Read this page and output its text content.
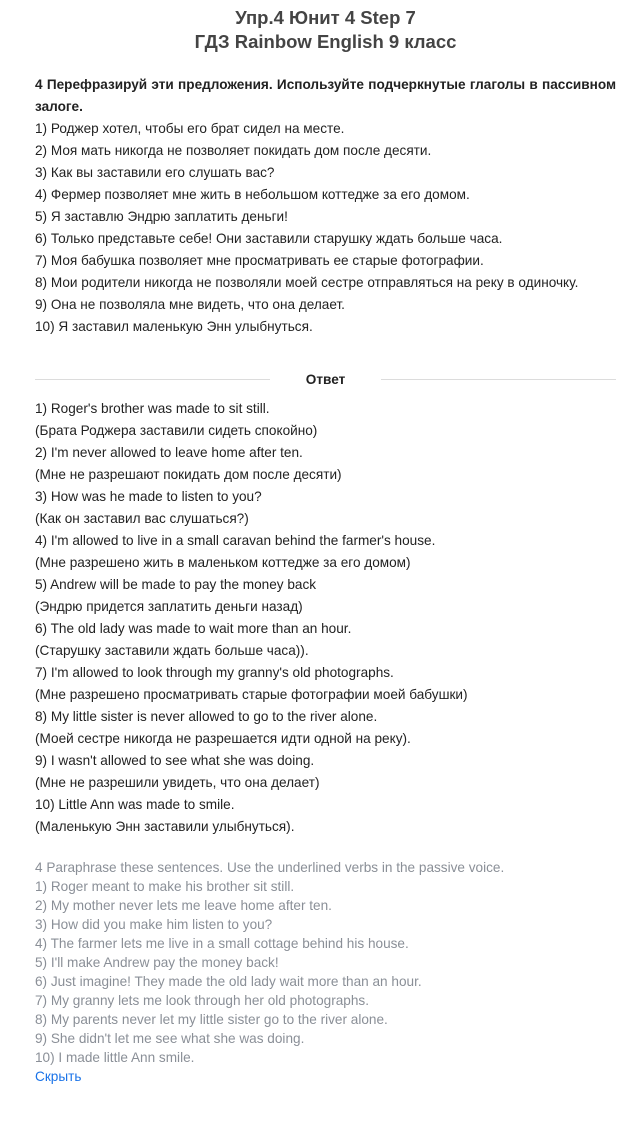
Упр.4 Юнит 4 Step 7
ГДЗ Rainbow English 9 класс

4 Перефразируй эти предложения. Используйте подчеркнутые глаголы в пассивном залоге.

1) Роджер хотел, чтобы его брат сидел на месте.

2) Моя мать никогда не позволяет покидать дом после десяти.

3) Как вы заставили его слушать вас?

4) Фермер позволяет мне жить в небольшом коттедже за его домом.

5) Я заставлю Эндрю заплатить деньги!

6) Только представьте себе! Они заставили старушку ждать больше часа.

7) Моя бабушка позволяет мне просматривать ее старые фотографии.

8) Мои родители никогда не позволяли моей сестре отправляться на реку в одиночку.

9) Она не позволяла мне видеть, что она делает.

10) Я заставил маленькую Энн улыбнуться.

Ответ

1) Roger's brother was made to sit still.

(Брата Роджера заставили сидеть спокойно)

2) I'm never allowed to leave home after ten.

(Мне не разрешают покидать дом после десяти)

3) How was he made to listen to you?

(Как он заставил вас слушаться?)

4) I'm allowed to live in a small caravan behind the farmer's house.

(Мне разрешено жить в маленьком коттедже за его домом)

5) Andrew will be made to pay the money back

(Эндрю придется заплатить деньги назад)

6) The old lady was made to wait more than an hour.

(Старушку заставили ждать больше часа)).

7) I'm allowed to look through my granny's old photographs.

(Мне разрешено просматривать старые фотографии моей бабушки)

8) My little sister is never allowed to go to the river alone.

(Моей сестре никогда не разрешается идти одной на реку).

9) I wasn't allowed to see what she was doing.

(Мне не разрешили увидеть, что она делает)

10) Little Ann was made to smile.

(Маленькую Энн заставили улыбнуться).

4 Paraphrase these sentences. Use the underlined verbs in the passive voice.

1) Roger meant to make his brother sit still.

2) My mother never lets me leave home after ten.

3) How did you make him listen to you?

4) The farmer lets me live in a small cottage behind his house.

5) I'll make Andrew pay the money back!

6) Just imagine! They made the old lady wait more than an hour.

7) My granny lets me look through her old photographs.

8) My parents never let my little sister go to the river alone.

9) She didn't let me see what she was doing.

10) I made little Ann smile.

Скрыть
